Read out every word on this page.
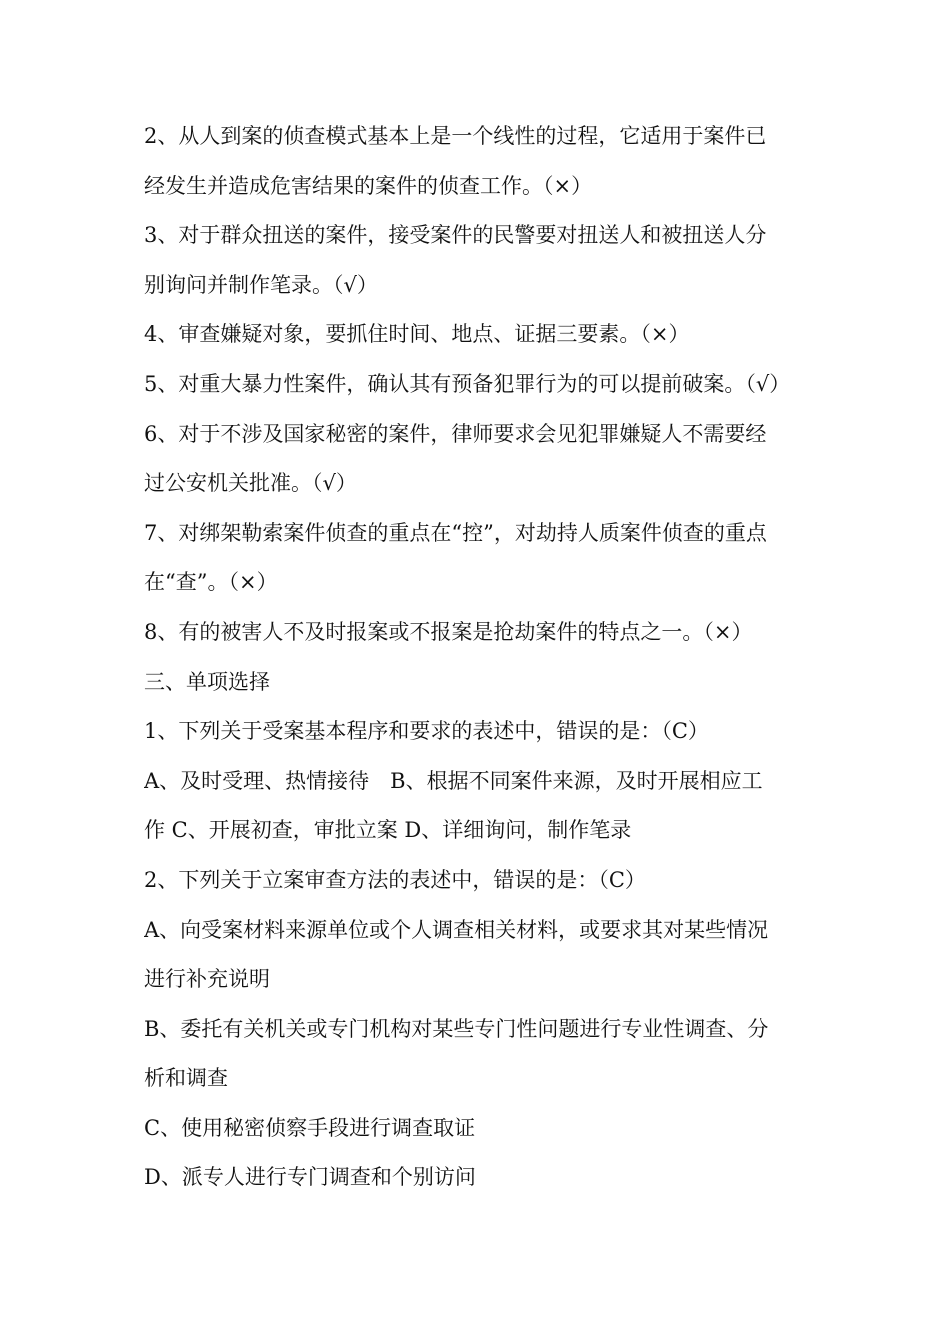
2、从人到案的侦查模式基本上是一个线性的过程，它适用于案件已
经发生并造成危害结果的案件的侦查工作。（×）
3、对于群众扭送的案件，接受案件的民警要对扭送人和被扭送人分
别询问并制作笔录。（√）
4、审查嫌疑对象，要抓住时间、地点、证据三要素。（×）
5、对重大暴力性案件，确认其有预备犯罪行为的可以提前破案。（√）
6、对于不涉及国家秘密的案件，律师要求会见犯罪嫌疑人不需要经
过公安机关批准。（√）
7、对绑架勒索案件侦查的重点在“控”，对劫持人质案件侦查的重点
在“查”。（×）
8、有的被害人不及时报案或不报案是抢劫案件的特点之一。（×）
三、单项选择
1、下列关于受案基本程序和要求的表述中，错误的是：（C）
A、及时受理、热情接待　B、根据不同案件来源，及时开展相应工
作 C、开展初查，审批立案 D、详细询问，制作笔录
2、下列关于立案审查方法的表述中，错误的是：（C）
A、向受案材料来源单位或个人调查相关材料，或要求其对某些情况
进行补充说明
B、委托有关机关或专门机构对某些专门性问题进行专业性调查、分
析和调查
C、使用秘密侦察手段进行调查取证
D、派专人进行专门调查和个别访问
